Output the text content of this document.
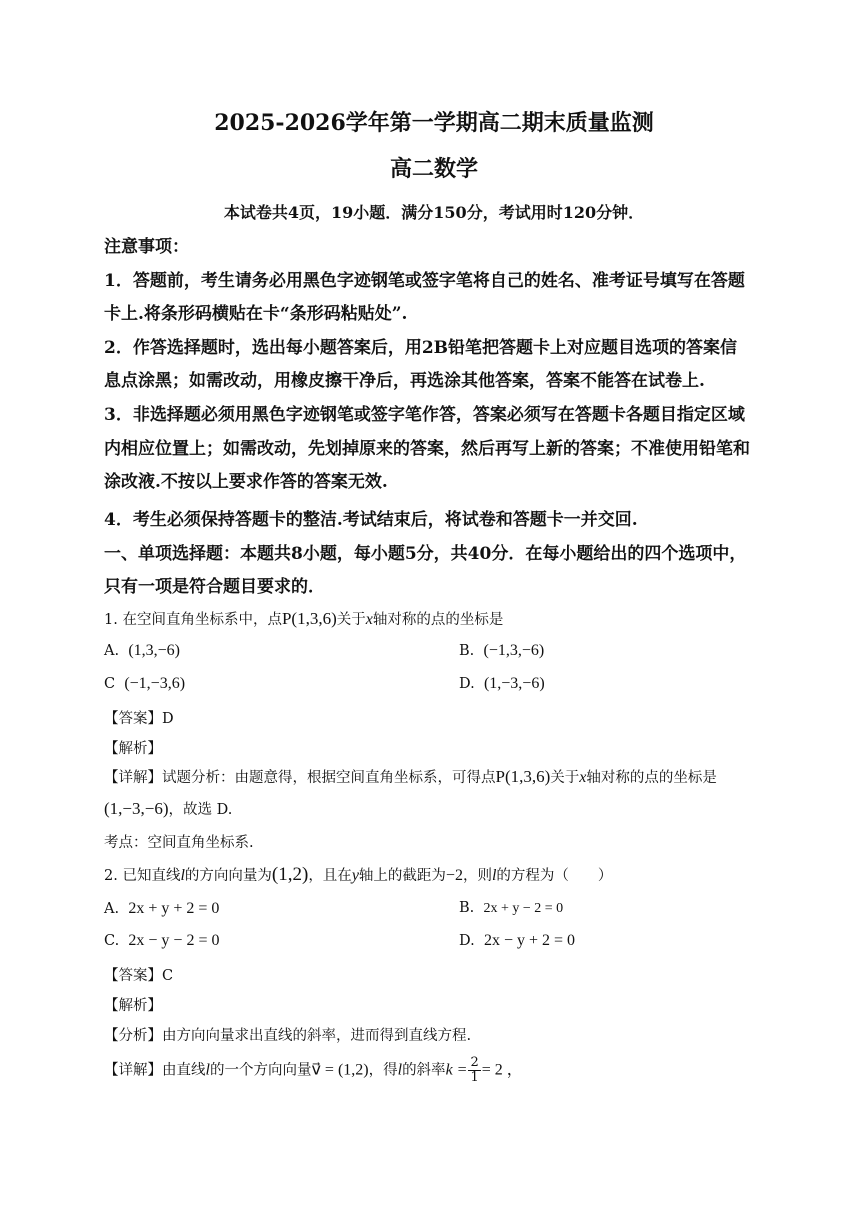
2025-2026学年第一学期高二期末质量监测
高二数学
本试卷共4页，19小题．满分150分，考试用时120分钟．
注意事项：
1．答题前，考生请务必用黑色字迹钢笔或签字笔将自己的姓名、准考证号填写在答题
卡上.将条形码横贴在卡“条形码粘贴处”.
2．作答选择题时，选出每小题答案后，用2B铅笔把答题卡上对应题目选项的答案信
息点涂黑；如需改动，用橡皮擦干净后，再选涂其他答案，答案不能答在试卷上.
3．非选择题必须用黑色字迹钢笔或签字笔作答，答案必须写在答题卡各题目指定区域
内相应位置上；如需改动，先划掉原来的答案，然后再写上新的答案；不准使用铅笔和
涂改液.不按以上要求作答的答案无效.
4．考生必须保持答题卡的整洁.考试结束后，将试卷和答题卡一并交回.
一、单项选择题：本题共8小题，每小题5分，共40分．在每小题给出的四个选项中，
只有一项是符合题目要求的．
1. 在空间直角坐标系中，点P(1,3,6)关于x轴对称的点的坐标是
A. (1,3,−6)	B. (−1,3,−6)
C (−1,−3,6)	D. (1,−3,−6)
【答案】D
【解析】
【详解】试题分析：由题意得，根据空间直角坐标系，可得点P(1,3,6)关于x轴对称的点的坐标是
(1,−3,−6)，故选 D.
考点：空间直角坐标系.
2. 已知直线l的方向向量为(1,2)，且在y轴上的截距为−2，则l的方程为（　　）
A. 2x + y + 2 = 0	B. 2x + y − 2 = 0
C. 2x − y − 2 = 0	D. 2x − y + 2 = 0
【答案】C
【解析】
【分析】由方向向量求出直线的斜率，进而得到直线方程.
【详解】由直线l的一个方向向量v⃗ = (1,2)，得l的斜率$k = \frac{2}{1} = 2$ ，
